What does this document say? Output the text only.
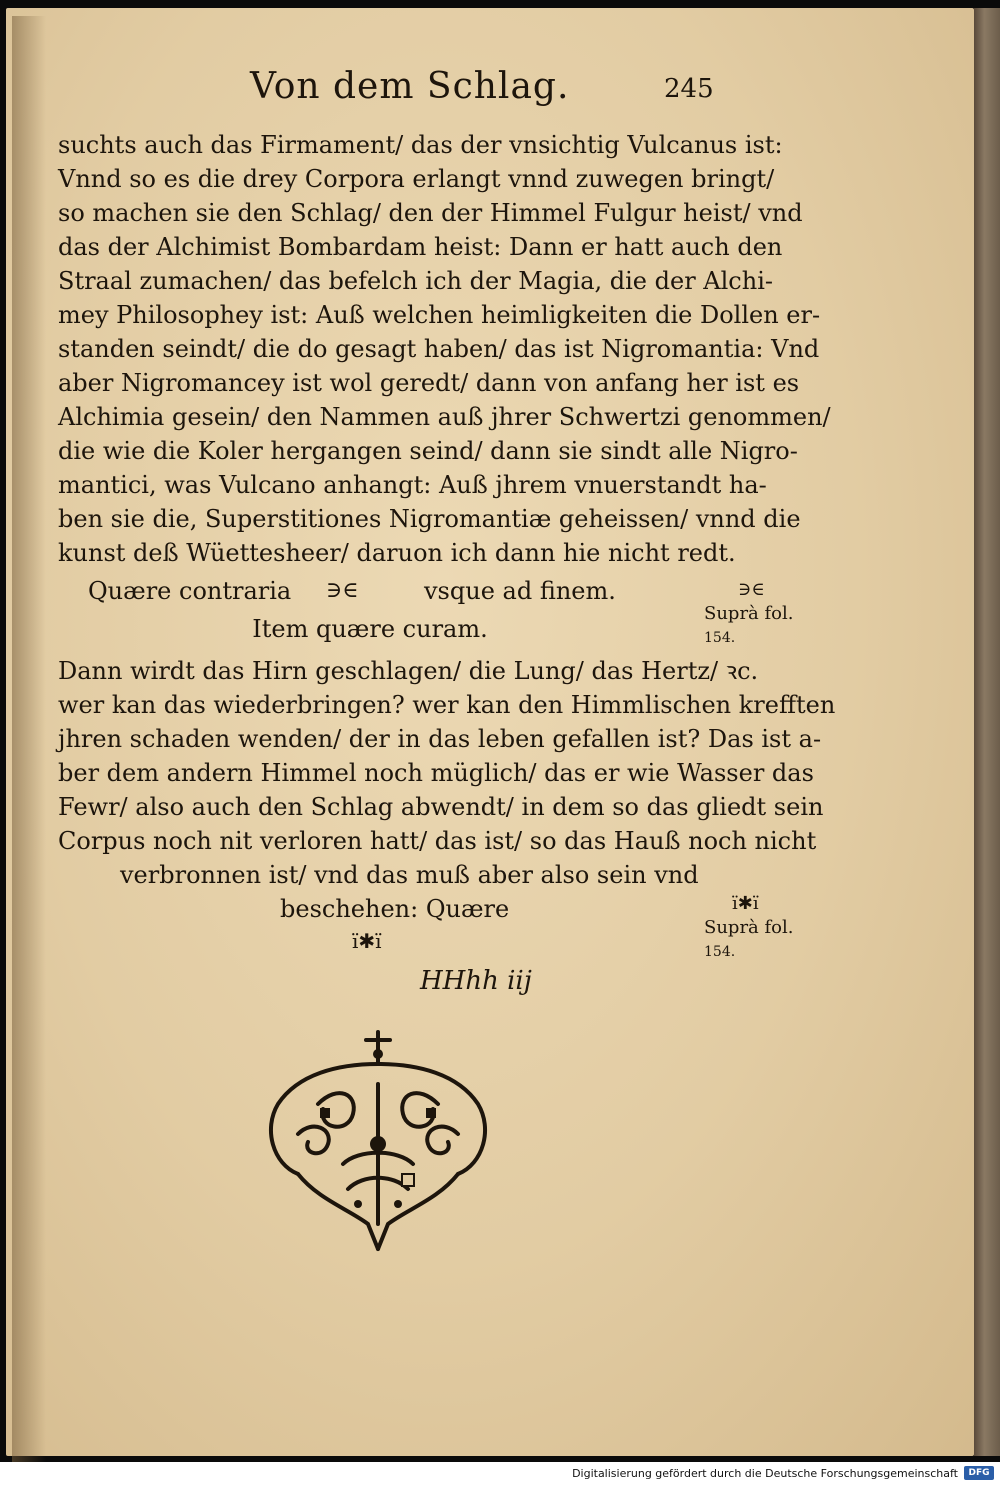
Von dem Schlag.	245
suchts auch das Firmament/ das der vnsichtig Vulcanus ist:
Vnnd so es die drey Corpora erlangt vnnd zuwegen bringt/
so machen sie den Schlag/ den der Himmel Fulgur heist/ vnd
das der Alchimist Bombardam heist: Dann er hatt auch den
Straal zumachen/ das befelch ich der Magia, die der Alchi-
mey Philosophey ist: Auß welchen heimligkeiten die Dollen er-
standen seindt/ die do gesagt haben/ das ist Nigromantia: Vnd
aber Nigromancey ist wol geredt/ dann von anfang her ist es
Alchimia gesein/ den Nammen auß jhrer Schwertzi genommen/
die wie die Koler hergangen seind/ dann sie sindt alle Nigro-
mantici, was Vulcano anhangt: Auß jhrem vnuerstandt ha-
ben sie die, Superstitiones Nigromantiæ geheissen/ vnnd die
kunst deß Wüettesheer/ daruon ich dann hie nicht redt.
Quære contraria ∋∈	vsque ad finem.
Item quære curam.
Dann wirdt das Hirn geschlagen/ die Lung/ das Hertz/ ꝛc.
wer kan das wiederbringen? wer kan den Himmlischen krefften
jhren schaden wenden/ der in das leben gefallen ist? Das ist a-
ber dem andern Himmel noch müglich/ das er wie Wasser das
Fewr/ also auch den Schlag abwendt/ in dem so das gliedt sein
Corpus noch nit verloren hatt/ das ist/ so das Hauß noch nicht
verbronnen ist/ vnd das muß aber also sein vnd
beschehen: Quære
ï✱ï
HHhh iij
∋∈
Suprà fol.
154.
ï✱ï
Suprà fol.
154.
Digitalisierung gefördert durch die Deutsche Forschungsgemeinschaft	DFG
